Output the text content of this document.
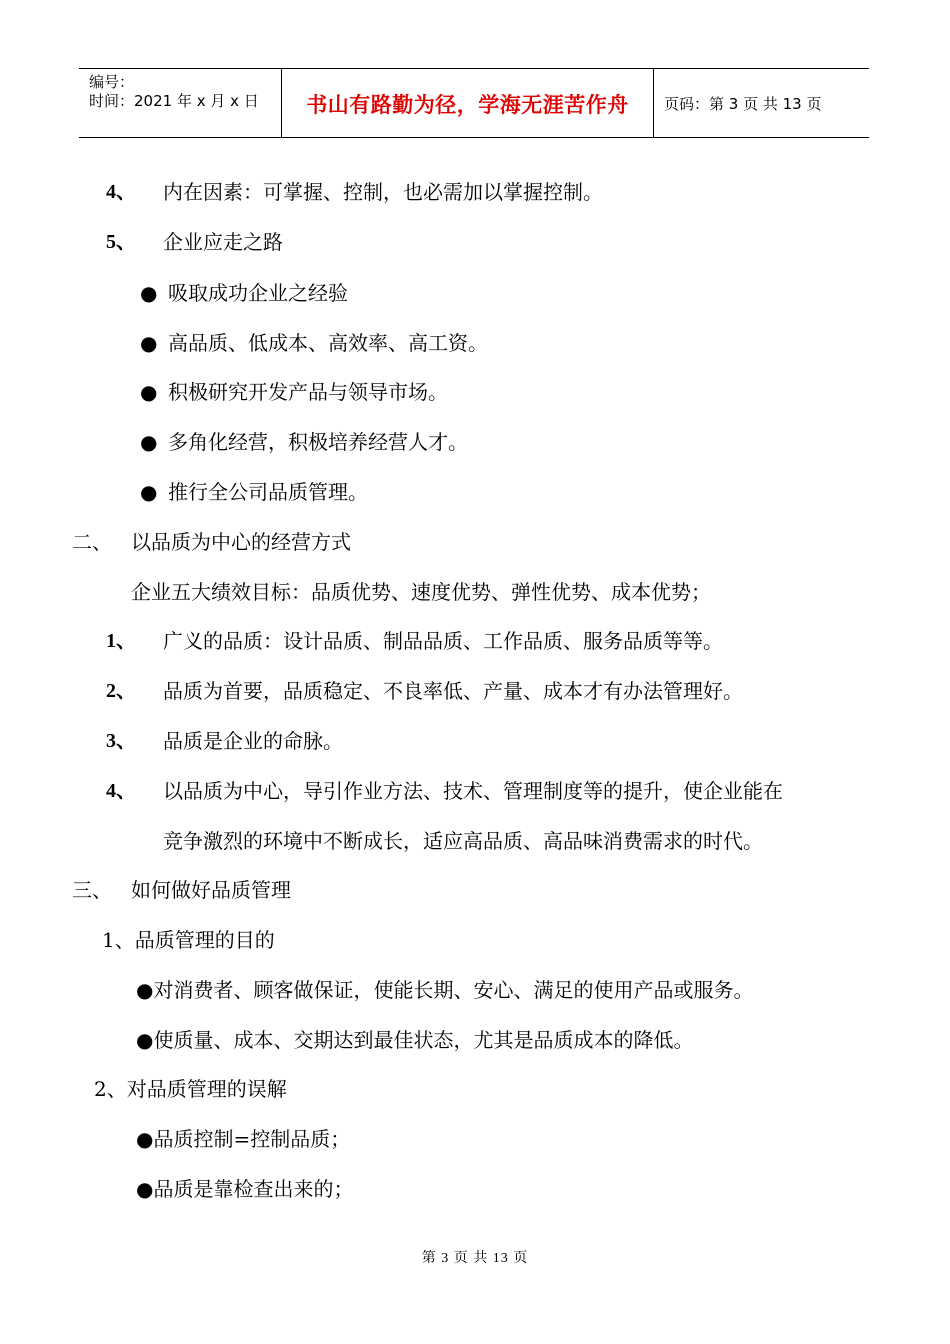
编号：
时间：2021 年 x 月 x 日	书山有路勤为径，学海无涯苦作舟	页码：第 3 页 共 13 页
4、 内在因素：可掌握、控制，也必需加以掌握控制。
5、 企业应走之路
● 吸取成功企业之经验
● 高品质、低成本、高效率、高工资。
● 积极研究开发产品与领导市场。
● 多角化经营，积极培养经营人才。
● 推行全公司品质管理。
二、 以品质为中心的经营方式
企业五大绩效目标：品质优势、速度优势、弹性优势、成本优势；
1、 广义的品质：设计品质、制品品质、工作品质、服务品质等等。
2、 品质为首要，品质稳定、不良率低、产量、成本才有办法管理好。
3、 品质是企业的命脉。
4、 以品质为中心，导引作业方法、技术、管理制度等的提升，使企业能在
竞争激烈的环境中不断成长，适应高品质、高品味消费需求的时代。
三、 如何做好品质管理
1、品质管理的目的
●对消费者、顾客做保证，使能长期、安心、满足的使用产品或服务。
●使质量、成本、交期达到最佳状态，尤其是品质成本的降低。
2、对品质管理的误解
●品质控制=控制品质；
●品质是靠检查出来的；
第 3 页 共 13 页
